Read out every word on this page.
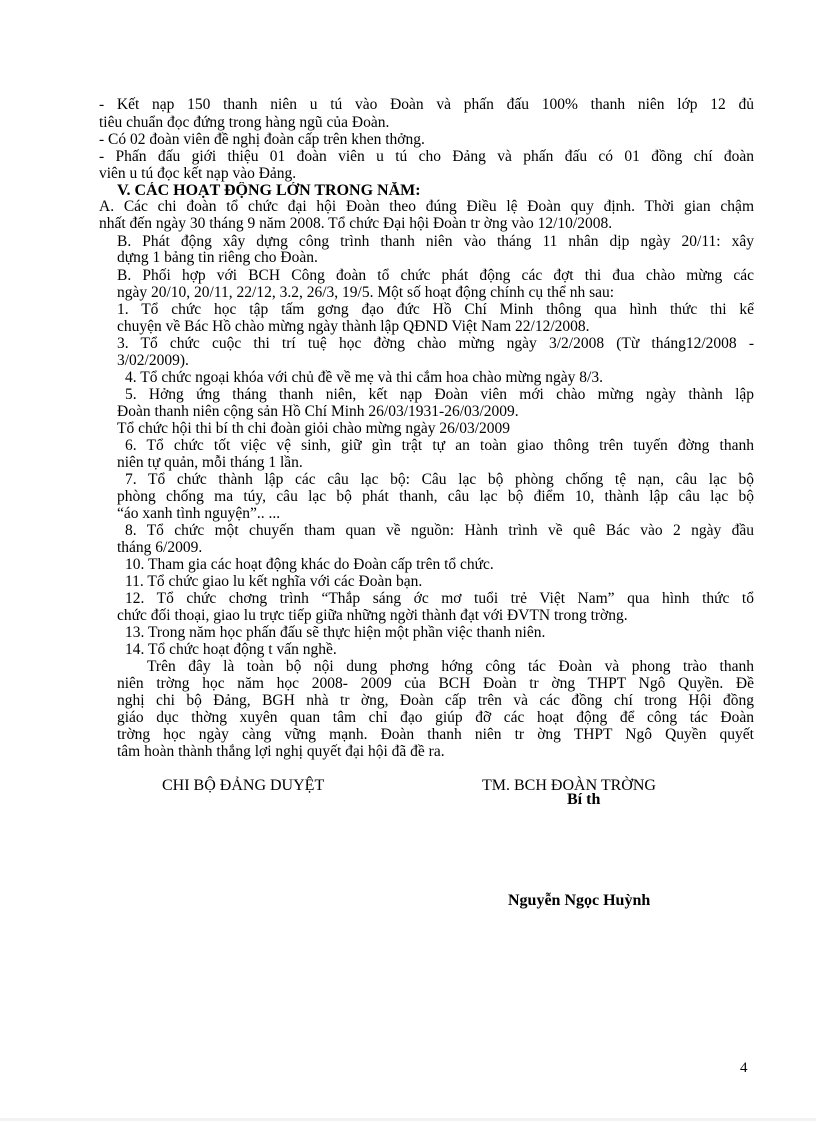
- Kết nạp 150 thanh niên u tú vào Đoàn và phấn đấu 100% thanh niên lớp 12 đủ
tiêu chuẩn đọc đứng trong hàng ngũ của Đoàn.
- Có 02 đoàn viên đề nghị đoàn cấp trên khen thởng.
- Phấn đấu giới thiệu 01 đoàn viên u tú cho Đảng và phấn đấu có 01 đồng chí đoàn
viên u tú đọc kết nạp vào Đảng.
V. CÁC HOẠT ĐỘNG LỚN TRONG NĂM:
A. Các chi đoàn tổ chức đại hội Đoàn theo đúng Điều lệ Đoàn quy định. Thời gian chậm
nhất đến ngày 30 tháng 9 năm 2008. Tổ chức Đại hội Đoàn tr ờng vào 12/10/2008.
B. Phát động xây dựng công trình thanh niên vào tháng 11 nhân dịp ngày 20/11: xây
dựng 1 bảng tin riêng cho Đoàn.
B. Phối hợp với BCH Công đoàn tổ chức phát động các đợt thi đua chào mừng các
ngày 20/10, 20/11, 22/12, 3.2, 26/3, 19/5. Một số hoạt động chính cụ thể nh sau:
1. Tổ chức học tập tấm gơng đạo đức Hồ Chí Minh thông qua hình thức thi kể
chuyện về Bác Hồ chào mừng ngày thành lập QĐND Việt Nam 22/12/2008.
3. Tổ chức cuộc thi trí tuệ học đờng chào mừng ngày 3/2/2008 (Từ tháng12/2008 -
3/02/2009).
4. Tổ chức ngoại khóa với chủ đề về mẹ và thi cắm hoa chào mừng ngày 8/3.
5. Hởng ứng tháng thanh niên, kết nạp Đoàn viên mới chào mừng ngày thành lập
Đoàn thanh niên cộng sản Hồ Chí Minh 26/03/1931-26/03/2009.
Tổ chức hội thi bí th chi đoàn giỏi chào mừng ngày 26/03/2009
6. Tổ chức tốt việc vệ sinh, giữ gìn trật tự an toàn giao thông trên tuyến đờng thanh
niên tự quản, mỗi tháng 1 lần.
7. Tổ chức thành lập các câu lạc bộ: Câu lạc bộ phòng chống tệ nạn, câu lạc bộ
phòng chống ma túy, câu lạc bộ phát thanh, câu lạc bộ điểm 10, thành lập câu lạc bộ
“áo xanh tình nguyện”.. ...
8. Tổ chức một chuyến tham quan về nguồn: Hành trình về quê Bác vào 2 ngày đầu
tháng 6/2009.
10. Tham gia các hoạt động khác do Đoàn cấp trên tổ chức.
11. Tổ chức giao lu kết nghĩa với các Đoàn bạn.
12. Tổ chức chơng trình “Thắp sáng ớc mơ tuổi trẻ Việt Nam” qua hình thức tổ
chức đối thoại, giao lu trực tiếp giữa những ngời thành đạt với ĐVTN trong trờng.
13. Trong năm học phấn đấu sẽ thực hiện một phần việc thanh niên.
14. Tổ chức hoạt động t vấn nghề.
Trên đây là toàn bộ nội dung phơng hớng công tác Đoàn và phong trào thanh
niên trờng học năm học 2008- 2009 của BCH Đoàn tr ờng THPT Ngô Quyền. Đề
nghị chi bộ Đảng, BGH nhà tr ờng, Đoàn cấp trên và các đồng chí trong Hội đồng
giáo dục thờng xuyên quan tâm chỉ đạo giúp đỡ các hoạt động để công tác Đoàn
trờng học ngày càng vững mạnh. Đoàn thanh niên tr ờng THPT Ngô Quyền quyết
tâm hoàn thành thắng lợi nghị quyết đại hội đã đề ra.
CHI BỘ ĐẢNG DUYỆT	TM. BCH ĐOÀN TRỜNG
Bí th
Nguyễn Ngọc Huỳnh
4
